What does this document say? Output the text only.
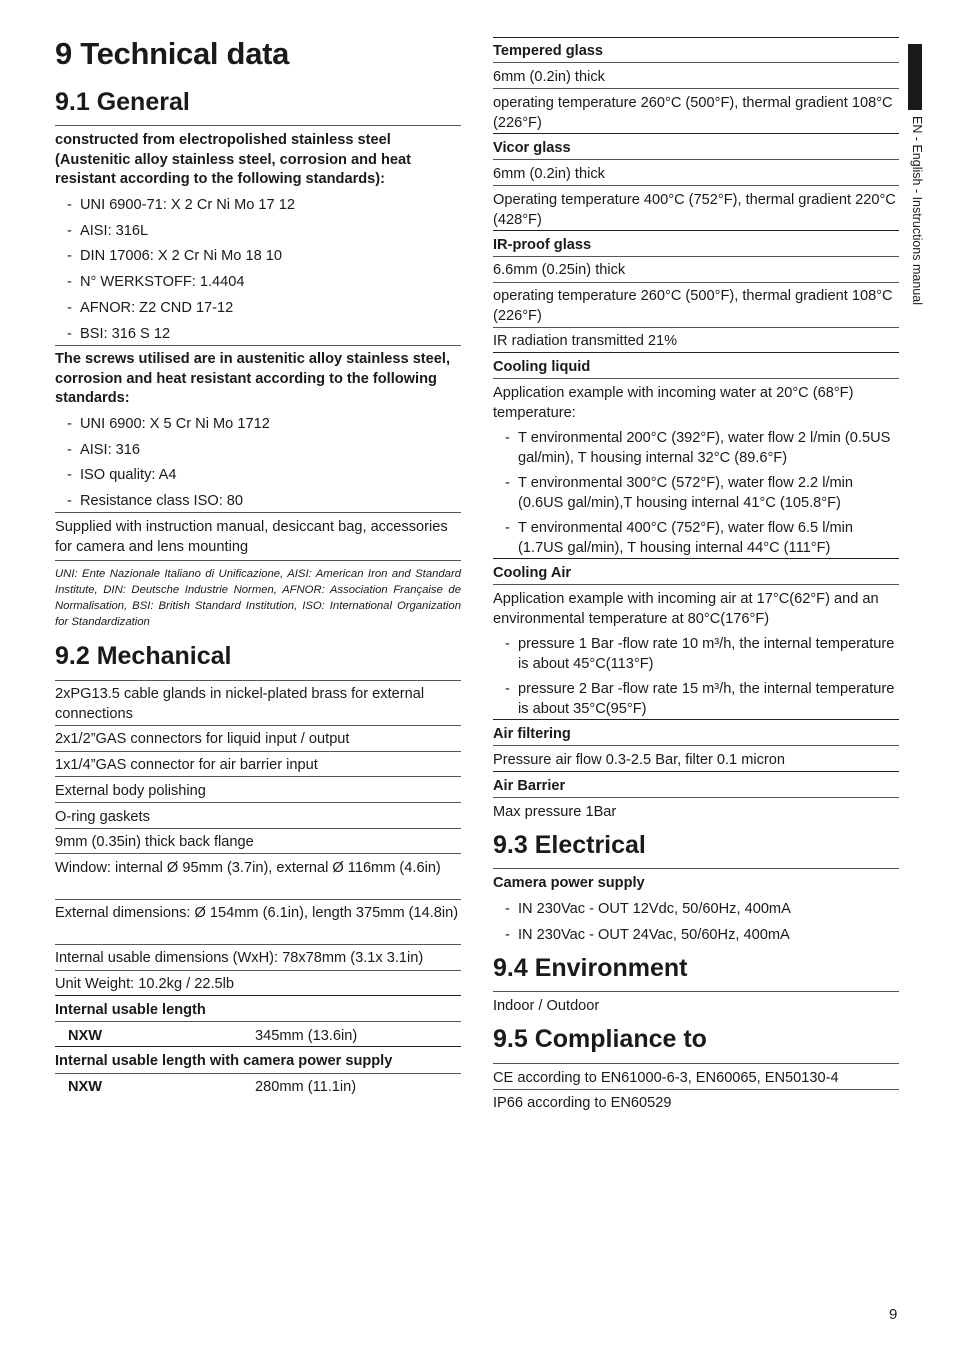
9 Technical data
9.1 General
constructed from electropolished stainless steel (Austenitic alloy stainless steel, corrosion and heat resistant according to the following standards):
- UNI 6900-71: X 2 Cr Ni Mo 17 12
- AISI: 316L
- DIN 17006: X 2 Cr Ni Mo 18 10
- N° WERKSTOFF: 1.4404
- AFNOR: Z2 CND 17-12
- BSI: 316 S 12
The screws utilised are in austenitic alloy stainless steel, corrosion and heat resistant according to the following standards:
- UNI 6900: X 5 Cr Ni Mo 1712
- AISI: 316
- ISO quality: A4
- Resistance class ISO: 80
Supplied with instruction manual, desiccant bag, accessories for camera and lens mounting
UNI: Ente Nazionale Italiano di Unificazione, AISI: American Iron and Standard Institute, DIN: Deutsche Industrie Normen, AFNOR: Association Française de Normalisation, BSI: British Standard Institution, ISO: International Organization for Standardization
9.2 Mechanical
2xPG13.5 cable glands in nickel-plated brass for external connections
2x1/2”GAS connectors for liquid input / output
1x1/4”GAS connector for air barrier input
External body polishing
O-ring gaskets
9mm (0.35in) thick back flange
Window: internal Ø 95mm (3.7in), external Ø 116mm (4.6in)
External dimensions: Ø 154mm (6.1in), length 375mm (14.8in)
Internal usable dimensions (WxH): 78x78mm (3.1x 3.1in)
Unit Weight: 10.2kg / 22.5lb
Internal usable length
NXW	345mm (13.6in)
Internal usable length with camera power supply
NXW	280mm (11.1in)
Tempered glass
6mm (0.2in) thick
operating temperature 260°C (500°F), thermal gradient 108°C (226°F)
Vicor glass
6mm (0.2in) thick
Operating temperature 400°C (752°F), thermal gradient 220°C (428°F)
IR-proof glass
6.6mm (0.25in) thick
operating temperature 260°C (500°F), thermal gradient 108°C (226°F)
IR radiation transmitted 21%
Cooling liquid
Application example with incoming water at 20°C (68°F) temperature:
- T environmental 200°C (392°F), water flow 2 l/min (0.5US gal/min), T housing internal 32°C (89.6°F)
- T environmental 300°C (572°F), water flow 2.2 l/min (0.6US gal/min),T housing internal 41°C (105.8°F)
- T environmental 400°C (752°F), water flow 6.5 l/min (1.7US gal/min), T housing internal 44°C (111°F)
Cooling Air
Application example with incoming air at 17°C(62°F) and an environmental temperature at 80°C(176°F)
- pressure 1 Bar -flow rate 10 m³/h, the internal temperature is about 45°C(113°F)
- pressure 2 Bar -flow rate 15 m³/h, the internal temperature is about 35°C(95°F)
Air filtering
Pressure air flow 0.3-2.5 Bar, filter 0.1 micron
Air Barrier
Max pressure 1Bar
9.3 Electrical
Camera power supply
- IN 230Vac - OUT 12Vdc, 50/60Hz, 400mA
- IN 230Vac - OUT 24Vac, 50/60Hz, 400mA
9.4 Environment
Indoor / Outdoor
9.5 Compliance to
CE according to EN61000-6-3, EN60065, EN50130-4
IP66 according to EN60529
EN - English - Instructions manual
9
